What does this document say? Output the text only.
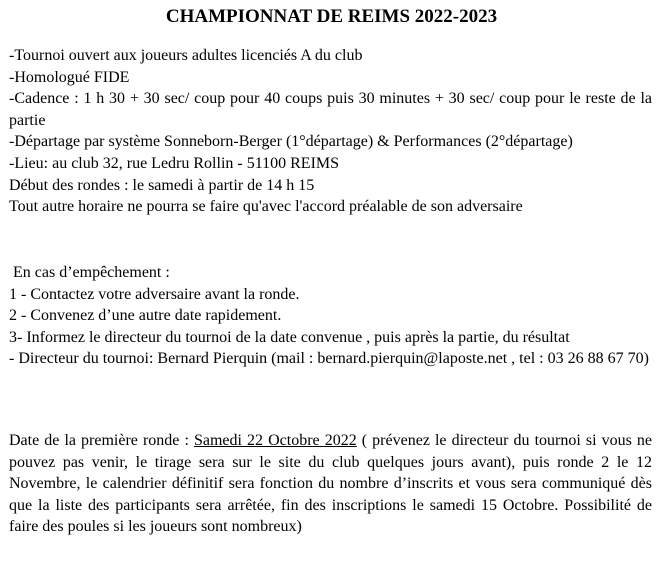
CHAMPIONNAT DE REIMS 2022-2023
-Tournoi ouvert aux joueurs adultes licenciés A du club
-Homologué FIDE
-Cadence : 1 h 30 + 30 sec/ coup pour 40 coups puis 30 minutes + 30 sec/ coup pour le reste de la partie
-Départage par système Sonneborn-Berger (1°départage) & Performances (2°départage)
-Lieu: au club 32, rue Ledru Rollin - 51100 REIMS
Début des rondes : le samedi à partir de 14 h 15
Tout autre horaire ne pourra se faire qu'avec l'accord préalable de son adversaire
En cas d’empêchement :
1 - Contactez votre adversaire avant la ronde.
2 - Convenez d’une autre date rapidement.
3- Informez le directeur du tournoi de la date convenue , puis après la partie, du résultat
- Directeur du tournoi: Bernard Pierquin (mail : bernard.pierquin@laposte.net , tel : 03 26 88 67 70)
Date de la première ronde : Samedi 22 Octobre 2022 ( prévenez le directeur du tournoi si vous ne pouvez pas venir, le tirage sera sur le site du club quelques jours avant), puis ronde 2 le 12 Novembre, le calendrier définitif sera fonction du nombre d’inscrits et vous sera communiqué dès que la liste des participants sera arrêtée, fin des inscriptions le samedi 15 Octobre. Possibilité de faire des poules si les joueurs sont nombreux)
